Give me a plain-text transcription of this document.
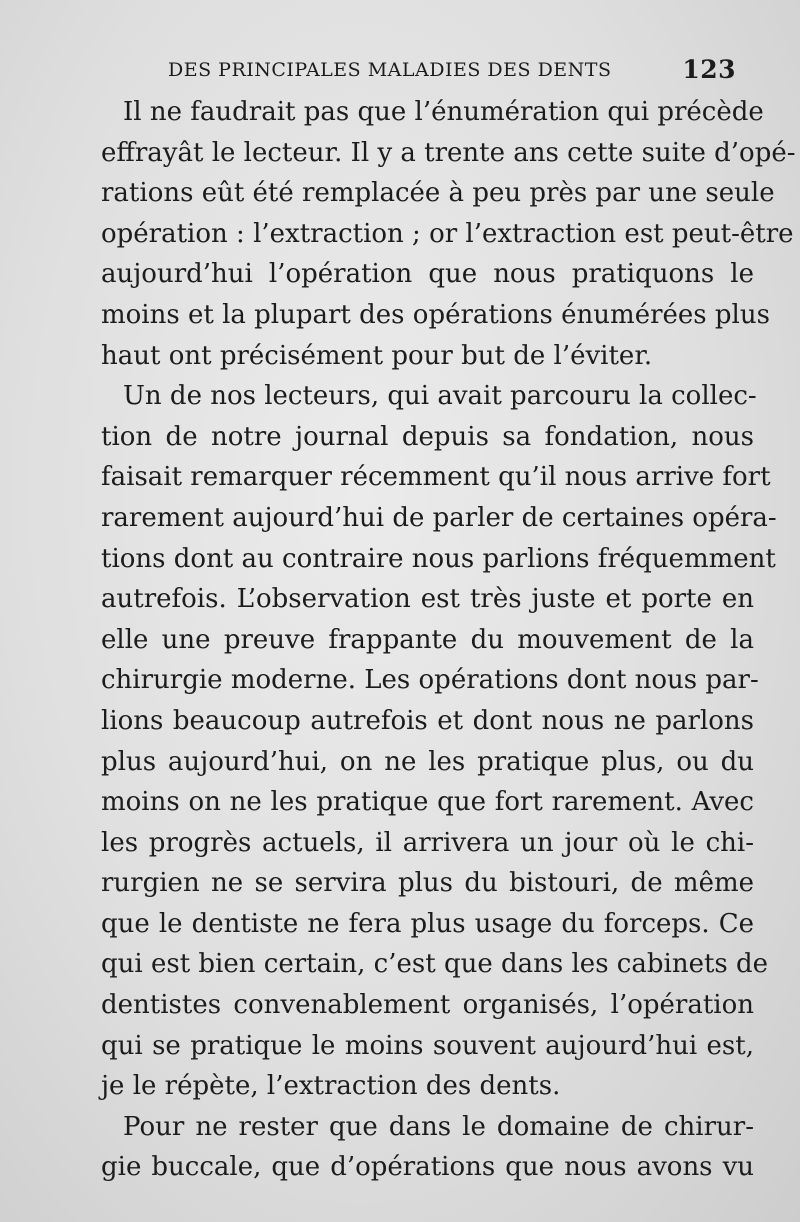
DES PRINCIPALES MALADIES DES DENTS	123
Il ne faudrait pas que l’énumération qui précède
effrayât le lecteur. Il y a trente ans cette suite d’opé-
rations eût été remplacée à peu près par une seule
opération : l’extraction ; or l’extraction est peut-être
aujourd’hui l’opération que nous pratiquons le
moins et la plupart des opérations énumérées plus
haut ont précisément pour but de l’éviter.
Un de nos lecteurs, qui avait parcouru la collec-
tion de notre journal depuis sa fondation, nous
faisait remarquer récemment qu’il nous arrive fort
rarement aujourd’hui de parler de certaines opéra-
tions dont au contraire nous parlions fréquemment
autrefois. L’observation est très juste et porte en
elle une preuve frappante du mouvement de la
chirurgie moderne. Les opérations dont nous par-
lions beaucoup autrefois et dont nous ne parlons
plus aujourd’hui, on ne les pratique plus, ou du
moins on ne les pratique que fort rarement. Avec
les progrès actuels, il arrivera un jour où le chi-
rurgien ne se servira plus du bistouri, de même
que le dentiste ne fera plus usage du forceps. Ce
qui est bien certain, c’est que dans les cabinets de
dentistes convenablement organisés, l’opération
qui se pratique le moins souvent aujourd’hui est,
je le répète, l’extraction des dents.
Pour ne rester que dans le domaine de chirur-
gie buccale, que d’opérations que nous avons vu
